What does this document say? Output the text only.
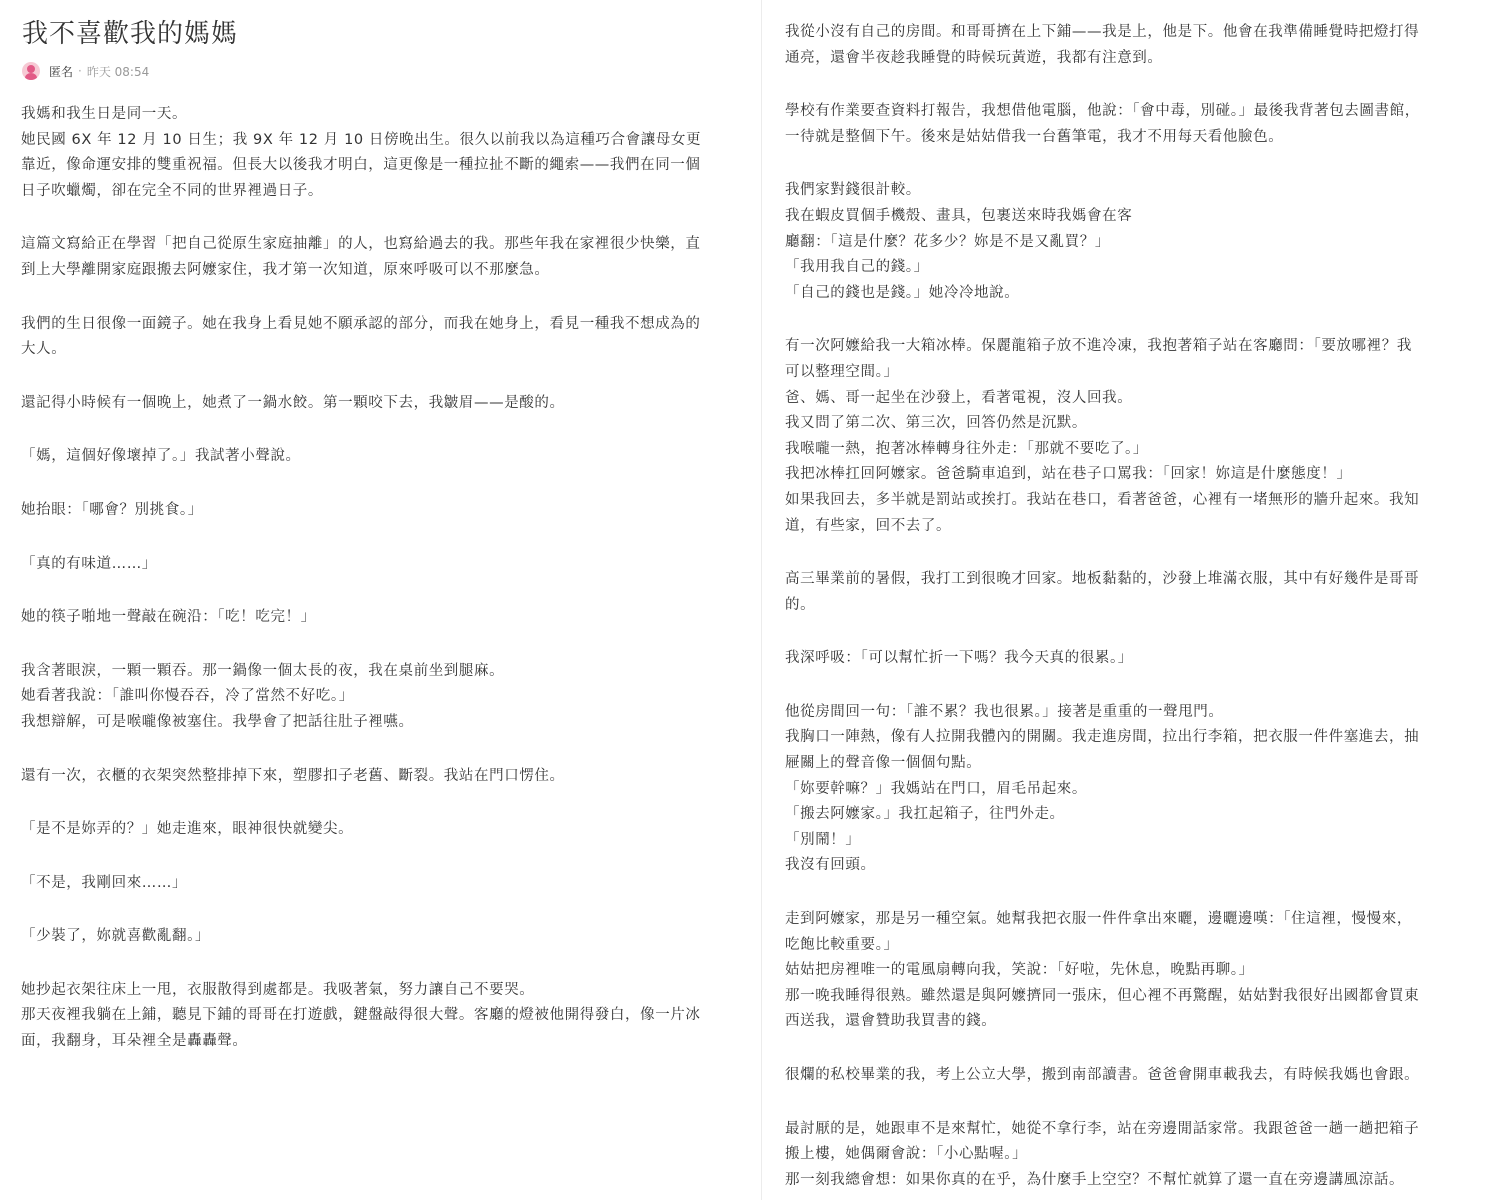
我不喜歡我的媽媽
匿名 · 昨天 08:54

我媽和我生日是同一天。
她民國 6X 年 12 月 10 日生；我 9X 年 12 月 10 日傍晚出生。很久以前我以為這種巧合會讓母女更靠近，像命運安排的雙重祝福。但長大以後我才明白，這更像是一種拉扯不斷的繩索——我們在同一個日子吹蠟燭，卻在完全不同的世界裡過日子。

這篇文寫給正在學習「把自己從原生家庭抽離」的人，也寫給過去的我。那些年我在家裡很少快樂，直到上大學離開家庭跟搬去阿嬤家住，我才第一次知道，原來呼吸可以不那麼急。

我們的生日很像一面鏡子。她在我身上看見她不願承認的部分，而我在她身上，看見一種我不想成為的大人。

還記得小時候有一個晚上，她煮了一鍋水餃。第一顆咬下去，我皺眉——是酸的。

「媽，這個好像壞掉了。」我試著小聲說。

她抬眼：「哪會？別挑食。」

「真的有味道……」

她的筷子啪地一聲敲在碗沿：「吃！吃完！」

我含著眼淚，一顆一顆吞。那一鍋像一個太長的夜，我在桌前坐到腿麻。
她看著我說：「誰叫你慢吞吞，冷了當然不好吃。」
我想辯解，可是喉嚨像被塞住。我學會了把話往肚子裡嚥。

還有一次，衣櫃的衣架突然整排掉下來，塑膠扣子老舊、斷裂。我站在門口愣住。

「是不是妳弄的？」她走進來，眼神很快就變尖。

「不是，我剛回來……」

「少裝了，妳就喜歡亂翻。」

她抄起衣架往床上一甩，衣服散得到處都是。我吸著氣，努力讓自己不要哭。
那天夜裡我躺在上鋪，聽見下鋪的哥哥在打遊戲，鍵盤敲得很大聲。客廳的燈被他開得發白，像一片冰面，我翻身，耳朵裡全是轟轟聲。

我從小沒有自己的房間。和哥哥擠在上下鋪——我是上，他是下。他會在我準備睡覺時把燈打得通亮，還會半夜趁我睡覺的時候玩黃遊，我都有注意到。

學校有作業要查資料打報告，我想借他電腦，他說：「會中毒，別碰。」最後我背著包去圖書館，一待就是整個下午。後來是姑姑借我一台舊筆電，我才不用每天看他臉色。

我們家對錢很計較。
我在蝦皮買個手機殼、畫具，包裹送來時我媽會在客
廳翻：「這是什麼？花多少？妳是不是又亂買？」
「我用我自己的錢。」
「自己的錢也是錢。」她冷冷地說。

有一次阿嬤給我一大箱冰棒。保麗龍箱子放不進冷凍，我抱著箱子站在客廳問：「要放哪裡？我可以整理空間。」
爸、媽、哥一起坐在沙發上，看著電視，沒人回我。
我又問了第二次、第三次，回答仍然是沉默。
我喉嚨一熱，抱著冰棒轉身往外走：「那就不要吃了。」
我把冰棒扛回阿嬤家。爸爸騎車追到，站在巷子口罵我：「回家！妳這是什麼態度！」
如果我回去，多半就是罰站或挨打。我站在巷口，看著爸爸，心裡有一堵無形的牆升起來。我知道，有些家，回不去了。

高三畢業前的暑假，我打工到很晚才回家。地板黏黏的，沙發上堆滿衣服，其中有好幾件是哥哥的。

我深呼吸：「可以幫忙折一下嗎？我今天真的很累。」

他從房間回一句：「誰不累？我也很累。」接著是重重的一聲甩門。
我胸口一陣熱，像有人拉開我體內的開關。我走進房間，拉出行李箱，把衣服一件件塞進去，抽屜關上的聲音像一個個句點。
「妳要幹嘛？」我媽站在門口，眉毛吊起來。
「搬去阿嬤家。」我扛起箱子，往門外走。
「別鬧！」
我沒有回頭。

走到阿嬤家，那是另一種空氣。她幫我把衣服一件件拿出來曬，邊曬邊嘆：「住這裡，慢慢來，吃飽比較重要。」
姑姑把房裡唯一的電風扇轉向我，笑說：「好啦，先休息，晚點再聊。」
那一晚我睡得很熟。雖然還是與阿嬤擠同一張床，但心裡不再驚醒，姑姑對我很好出國都會買東西送我，還會贊助我買書的錢。

很爛的私校畢業的我，考上公立大學，搬到南部讀書。爸爸會開車載我去，有時候我媽也會跟。

最討厭的是，她跟車不是來幫忙，她從不拿行李，站在旁邊閒話家常。我跟爸爸一趟一趟把箱子搬上樓，她偶爾會說：「小心點喔。」
那一刻我總會想：如果你真的在乎，為什麼手上空空？不幫忙就算了還一直在旁邊講風涼話。
